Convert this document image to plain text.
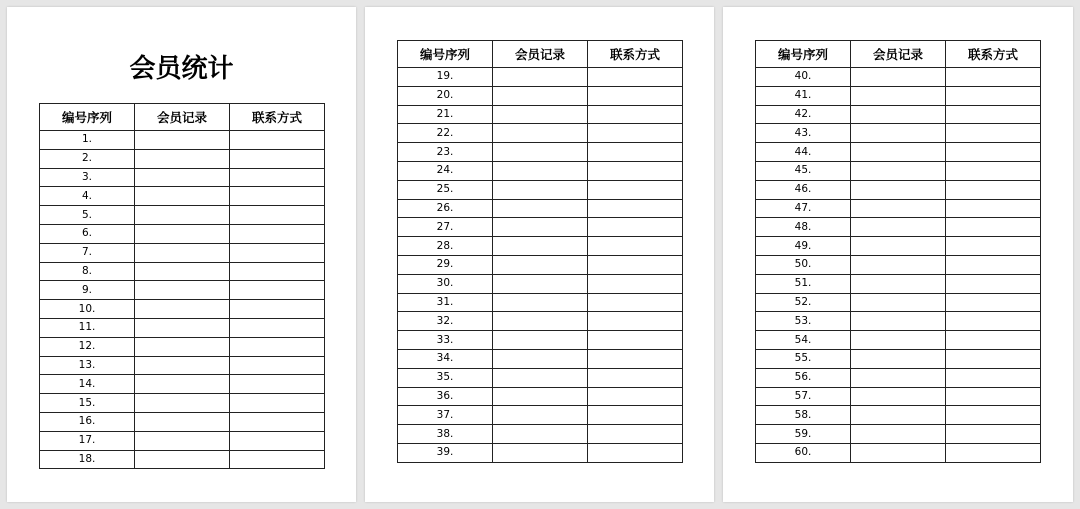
会员统计
编号序列	会员记录	联系方式
1.		
2.		
3.		
4.		
5.		
6.		
7.		
8.		
9.		
10.		
11.		
12.		
13.		
14.		
15.		
16.		
17.		
18.		
编号序列	会员记录	联系方式
19.		
20.		
21.		
22.		
23.		
24.		
25.		
26.		
27.		
28.		
29.		
30.		
31.		
32.		
33.		
34.		
35.		
36.		
37.		
38.		
39.		
编号序列	会员记录	联系方式
40.		
41.		
42.		
43.		
44.		
45.		
46.		
47.		
48.		
49.		
50.		
51.		
52.		
53.		
54.		
55.		
56.		
57.		
58.		
59.		
60.		
